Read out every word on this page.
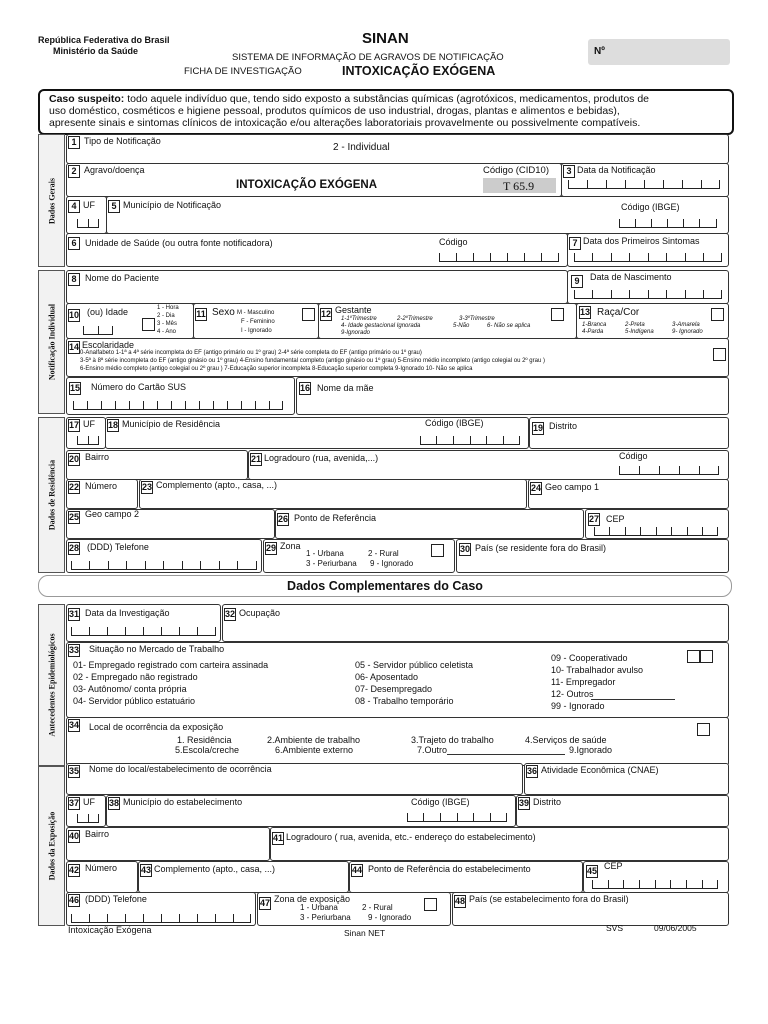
República Federativa do Brasil
Ministério da Saúde
SINAN
SISTEMA DE INFORMAÇÃO DE AGRAVOS DE NOTIFICAÇÃO
FICHA DE INVESTIGAÇÃO	INTOXICAÇÃO EXÓGENA
Nº
Caso suspeito: todo aquele indivíduo que, tendo sido exposto a substâncias químicas (agrotóxicos, medicamentos, produtos de
uso doméstico, cosméticos e higiene pessoal, produtos químicos de uso industrial, drogas, plantas e alimentos e bebidas),
apresente sinais e sintomas clínicos de intoxicação e/ou alterações laboratoriais provavelmente ou possivelmente compatíveis.
Dados Gerais
Notificação Individual
Dados de Residência
Antecedentes Epidemiológicos
Dados da Exposição
1 Tipo de Notificação
2 - Individual
2 Agravo/doença
INTOXICAÇÃO EXÓGENA
Código (CID10)
T 65.9
3 Data da Notificação
4 UF	5 Município de Notificação	Código (IBGE)
6 Unidade de Saúde (ou outra fonte notificadora)	Código	7 Data dos Primeiros Sintomas
8 Nome do Paciente	9	Data de Nascimento
10 (ou) Idade	1 - Hora
2 - Dia
3 - Mês
4 - Ano
11 Sexo M - Masculino
F - Feminino
I - Ignorado
12 Gestante
1-1ºTrimestre	2-2ºTrimestre	3-3ºTrimestre
4- Idade gestacional Ignorada	5-Não	6- Não se aplica
9-Ignorado
13 Raça/Cor
1-Branca	2-Preta	3-Amarela
4-Parda	5-Indígena	9- Ignorado
14 Escolaridade
0-Analfabeto 1-1ª a 4ª série incompleta do EF (antigo primário ou 1º grau) 2-4ª série completa do EF (antigo primário ou 1º grau)
3-5ª à 8ª série incompleta do EF (antigo ginásio ou 1º grau) 4-Ensino fundamental completo (antigo ginásio ou 1º grau) 5-Ensino médio incompleto (antigo colegial ou 2º grau )
6-Ensino médio completo (antigo colegial ou 2º grau ) 7-Educação superior incompleta 8-Educação superior completa 9-Ignorado 10- Não se aplica
15 Número do Cartão SUS	16 Nome da mãe
17 UF 18 Município de Residência	Código (IBGE)	19 Distrito
20 Bairro	21 Logradouro (rua, avenida,...)	Código
22 Número	23 Complemento (apto., casa, ...)	24 Geo campo 1
25 Geo campo 2	26 Ponto de Referência	27 CEP
28 (DDD) Telefone	29 Zona
1 - Urbana	2 - Rural
3 - Periurbana 9 - Ignorado
30 País (se residente fora do Brasil)
Dados Complementares do Caso
31 Data da Investigação	32 Ocupação
33 Situação no Mercado de Trabalho
01- Empregado registrado com carteira assinada
02 - Empregado não registrado
03- Autônomo/ conta própria
04- Servidor público estatuário
05 - Servidor público celetista
06- Aposentado
07- Desempregado
08 - Trabalho temporário
09 - Cooperativado
10- Trabalhador avulso
11- Empregador
12- Outros
99 - Ignorado
34 Local de ocorrência da exposição
1. Residência	2.Ambiente de trabalho	3.Trajeto do trabalho	4.Serviços de saúde
5.Escola/creche	6.Ambiente externo	7.Outro	9.Ignorado
35 Nome do local/estabelecimento de ocorrência	36 Atividade Econômica (CNAE)
37 UF 38 Município do estabelecimento	Código (IBGE)	39 Distrito
40 Bairro	41 Logradouro ( rua, avenida, etc.- endereço do estabelecimento)
42 Número	43 Complemento (apto., casa, ...)	44 Ponto de Referência do estabelecimento	45 CEP
46 (DDD) Telefone	47 Zona de exposição
1 - Urbana	2 - Rural
3 - Periurbana 9 - Ignorado
48 País (se estabelecimento fora do Brasil)
Intoxicação Exógena	Sinan NET	SVS	09/06/2005
